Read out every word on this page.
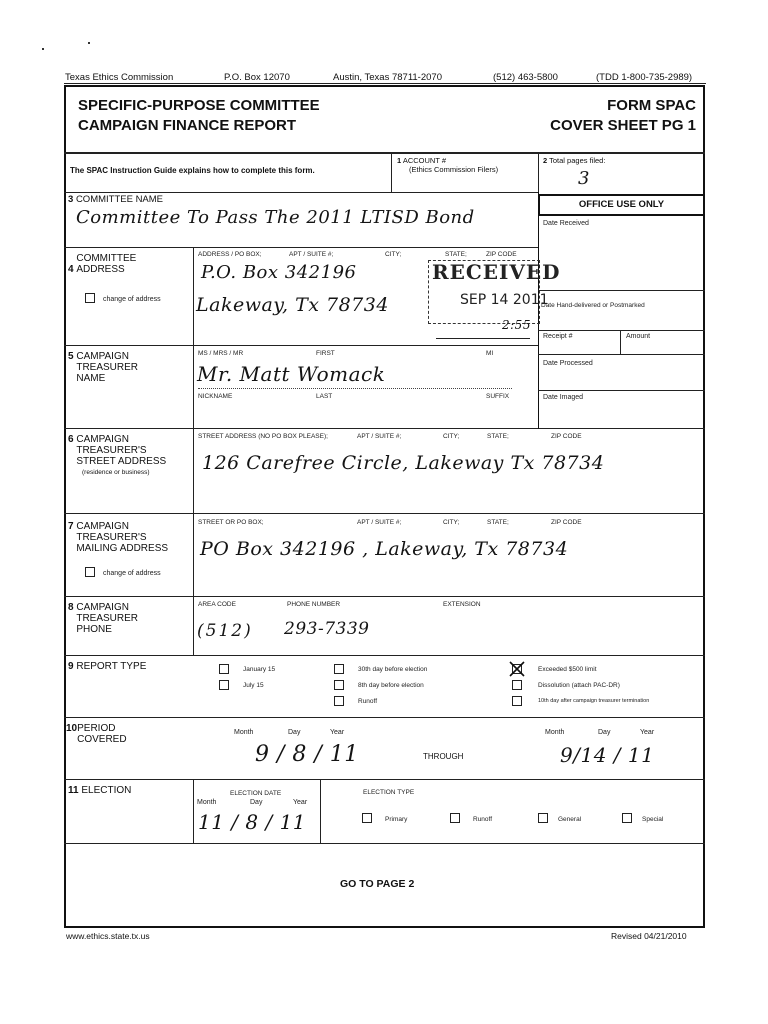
Texas Ethics Commission	P.O. Box 12070	Austin, Texas 78711-2070	(512) 463-5800	(TDD 1-800-735-2989)
SPECIFIC-PURPOSE COMMITTEE
CAMPAIGN FINANCE REPORT
FORM SPAC
COVER SHEET PG 1
The SPAC Instruction Guide explains how to complete this form.
1 ACCOUNT #
(Ethics Commission Filers)
2 Total pages filed:
3
OFFICE USE ONLY
Date Received
Date Hand-delivered or Postmarked
Receipt #	Amount
Date Processed
Date Imaged
3 COMMITTEE NAME
Committee To Pass The 2011 LTISD Bond
4 COMMITTEE ADDRESS
change of address
ADDRESS / PO BOX;	APT / SUITE #;	CITY;	STATE;	ZIP CODE
P.O. Box 342196
Lakeway, Tx 78734
RECEIVED
SEP 14 2011
2:55
5 CAMPAIGN TREASURER NAME
MS / MRS / MR	FIRST	MI
Mr. Matt Womack
NICKNAME	LAST	SUFFIX
6 CAMPAIGN TREASURER'S STREET ADDRESS
(residence or business)
STREET ADDRESS (NO PO BOX PLEASE);	APT / SUITE #;	CITY;	STATE;	ZIP CODE
126 Carefree Circle, Lakeway Tx 78734
7 CAMPAIGN TREASURER'S MAILING ADDRESS
change of address
STREET OR PO BOX;	APT / SUITE #;	CITY;	STATE;	ZIP CODE
PO Box 342196 , Lakeway, Tx 78734
8 CAMPAIGN TREASURER PHONE
AREA CODE	PHONE NUMBER	EXTENSION
(512) 293-7339
9 REPORT TYPE	January 15
July 15
30th day before election
8th day before election
Runoff
Exceeded $500 limit
Dissolution (attach PAC-DR)
10th day after campaign treasurer termination
10PERIOD COVERED
Month	Day	Year
9 / 8 / 11	THROUGH
Month	Day	Year
9/14 / 11
11 ELECTION	ELECTION DATE
Month	Day	Year
11 / 8 / 11
ELECTION TYPE
Primary	Runoff	General	Special
GO TO PAGE 2
www.ethics.state.tx.us	Revised 04/21/2010
